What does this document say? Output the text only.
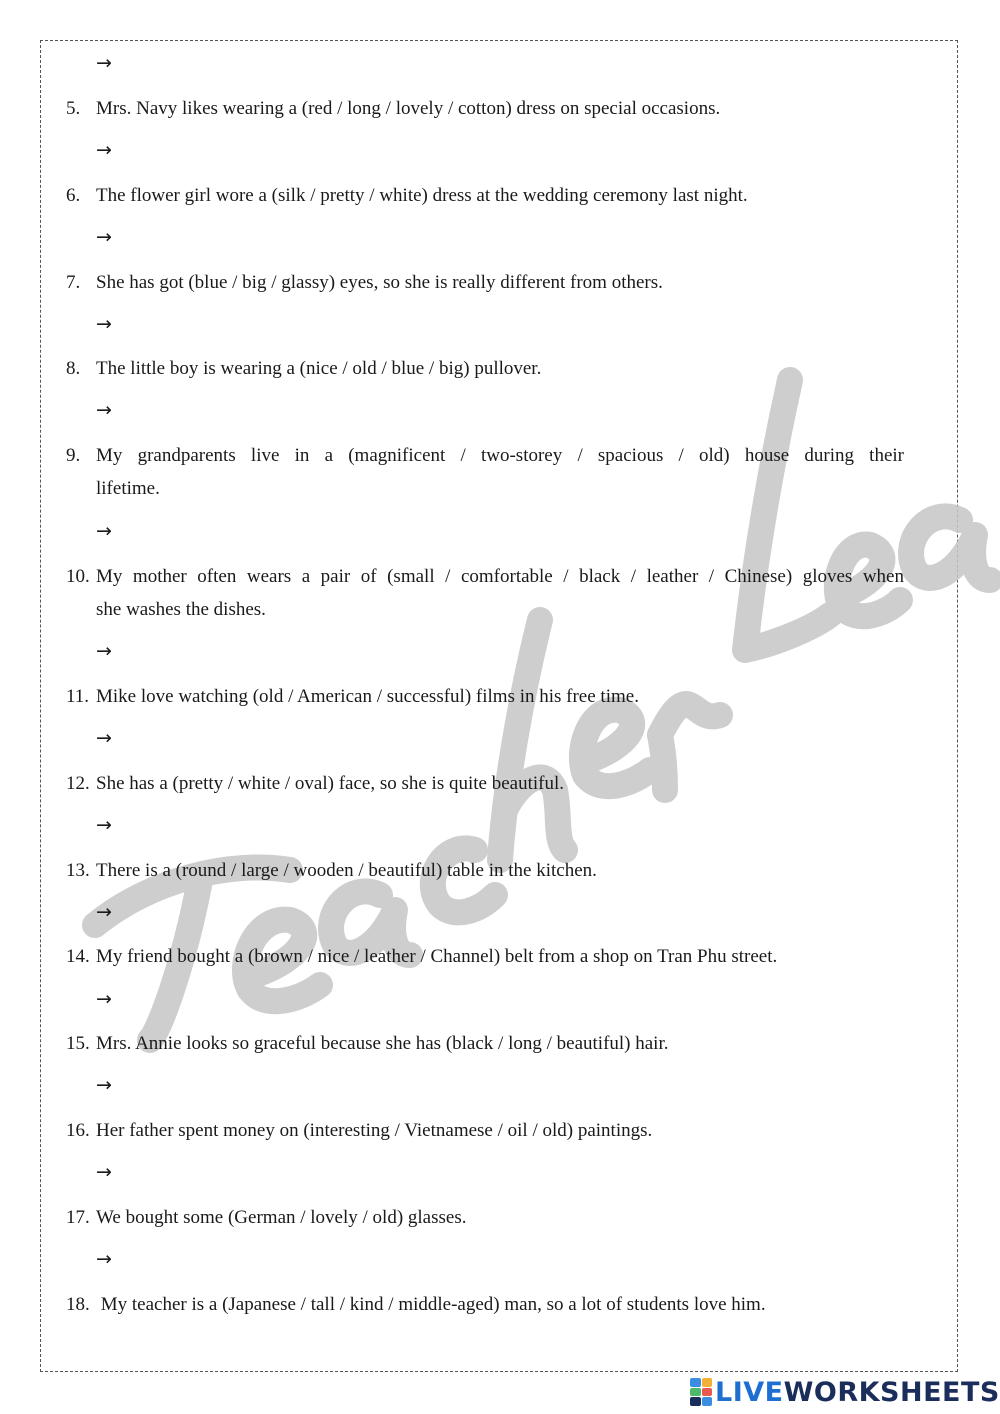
→
5. Mrs. Navy likes wearing a (red / long / lovely / cotton) dress on special occasions.
→
6. The flower girl wore a (silk / pretty / white) dress at the wedding ceremony last night.
→
7. She has got (blue / big / glassy) eyes, so she is really different from others.
→
8. The little boy is wearing a (nice / old / blue / big) pullover.
→
9. My grandparents live in a (magnificent / two-storey / spacious / old) house during their
lifetime.
→
10. My mother often wears a pair of (small / comfortable / black / leather / Chinese) gloves when
she washes the dishes.
→
11. Mike love watching (old / American / successful) films in his free time.
→
12. She has a (pretty / white / oval) face, so she is quite beautiful.
→
13. There is a (round / large / wooden / beautiful) table in the kitchen.
→
14. My friend bought a (brown / nice / leather / Channel) belt from a shop on Tran Phu street.
→
15. Mrs. Annie looks so graceful because she has (black / long / beautiful) hair.
→
16. Her father spent money on (interesting / Vietnamese / oil / old) paintings.
→
17. We bought some (German / lovely / old) glasses.
→
18. My teacher is a (Japanese / tall / kind / middle-aged) man, so a lot of students love him.
LIVEWORKSHEETS
